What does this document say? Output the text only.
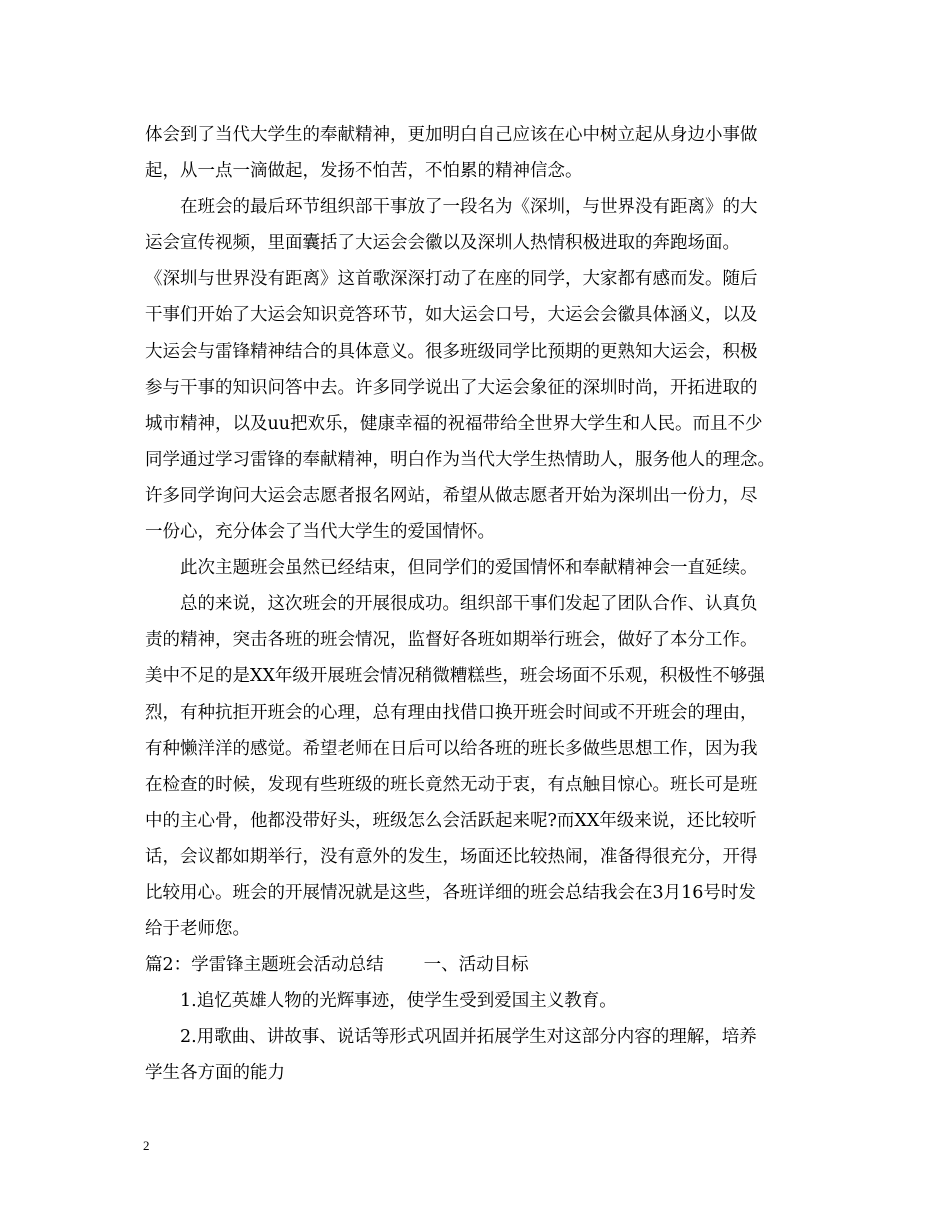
体会到了当代大学生的奉献精神，更加明白自己应该在心中树立起从身边小事做
起，从一点一滴做起，发扬不怕苦，不怕累的精神信念。
在班会的最后环节组织部干事放了一段名为《深圳，与世界没有距离》的大
运会宣传视频，里面囊括了大运会会徽以及深圳人热情积极进取的奔跑场面。
《深圳与世界没有距离》这首歌深深打动了在座的同学，大家都有感而发。随后
干事们开始了大运会知识竞答环节，如大运会口号，大运会会徽具体涵义，以及
大运会与雷锋精神结合的具体意义。很多班级同学比预期的更熟知大运会，积极
参与干事的知识问答中去。许多同学说出了大运会象征的深圳时尚，开拓进取的
城市精神，以及uu把欢乐，健康幸福的祝福带给全世界大学生和人民。而且不少
同学通过学习雷锋的奉献精神，明白作为当代大学生热情助人，服务他人的理念。
许多同学询问大运会志愿者报名网站，希望从做志愿者开始为深圳出一份力，尽
一份心，充分体会了当代大学生的爱国情怀。
此次主题班会虽然已经结束，但同学们的爱国情怀和奉献精神会一直延续。
总的来说，这次班会的开展很成功。组织部干事们发起了团队合作、认真负
责的精神，突击各班的班会情况，监督好各班如期举行班会，做好了本分工作。
美中不足的是XX年级开展班会情况稍微糟糕些，班会场面不乐观，积极性不够强
烈，有种抗拒开班会的心理，总有理由找借口换开班会时间或不开班会的理由，
有种懒洋洋的感觉。希望老师在日后可以给各班的班长多做些思想工作，因为我
在检查的时候，发现有些班级的班长竟然无动于衷，有点触目惊心。班长可是班
中的主心骨，他都没带好头，班级怎么会活跃起来呢?而XX年级来说，还比较听
话，会议都如期举行，没有意外的发生，场面还比较热闹，准备得很充分，开得
比较用心。班会的开展情况就是这些，各班详细的班会总结我会在3月16号时发
给于老师您。
篇2：学雷锋主题班会活动总结 一、活动目标
1.追忆英雄人物的光辉事迹，使学生受到爱国主义教育。
2.用歌曲、讲故事、说话等形式巩固并拓展学生对这部分内容的理解，培养
学生各方面的能力
2
